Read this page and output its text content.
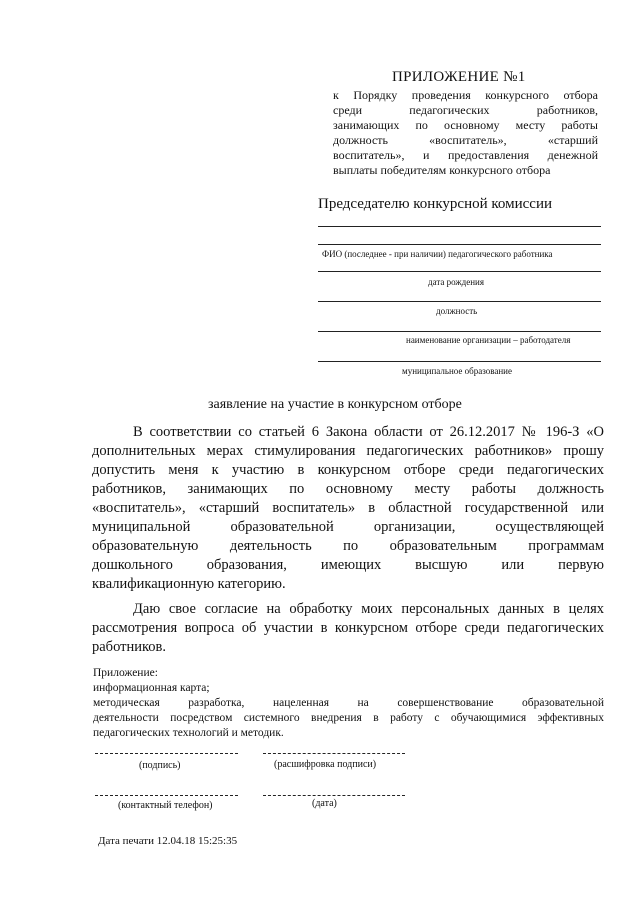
ПРИЛОЖЕНИЕ №1
к Порядку проведения конкурсного отбора
среди педагогических работников,
занимающих по основному месту работы
должность «воспитатель», «старший
воспитатель», и предоставления денежной
выплаты победителям конкурсного отбора
Председателю конкурсной комиссии
ФИО (последнее - при наличии) педагогического работника
дата рождения
должность
наименование организации – работодателя
муниципальное образование
заявление на участие в конкурсном отборе
В соответствии со статьей 6 Закона области от 26.12.2017 № 196-З «О
дополнительных мерах стимулирования педагогических работников» прошу
допустить меня к участию в конкурсном отборе среди педагогических
работников, занимающих по основному месту работы должность
«воспитатель», «старший воспитатель» в областной государственной или
муниципальной образовательной организации, осуществляющей
образовательную деятельность по образовательным программам
дошкольного образования, имеющих высшую или первую
квалификационную категорию.
Даю свое согласие на обработку моих персональных данных в целях
рассмотрения вопроса об участии в конкурсном отборе среди педагогических
работников.
Приложение:
информационная карта;
методическая разработка, нацеленная на совершенствование образовательной
деятельности посредством системного внедрения в работу с обучающимися эффективных
педагогических технологий и методик.
(подпись)	(расшифровка подписи)
(контактный телефон)	(дата)
Дата печати 12.04.18 15:25:35
